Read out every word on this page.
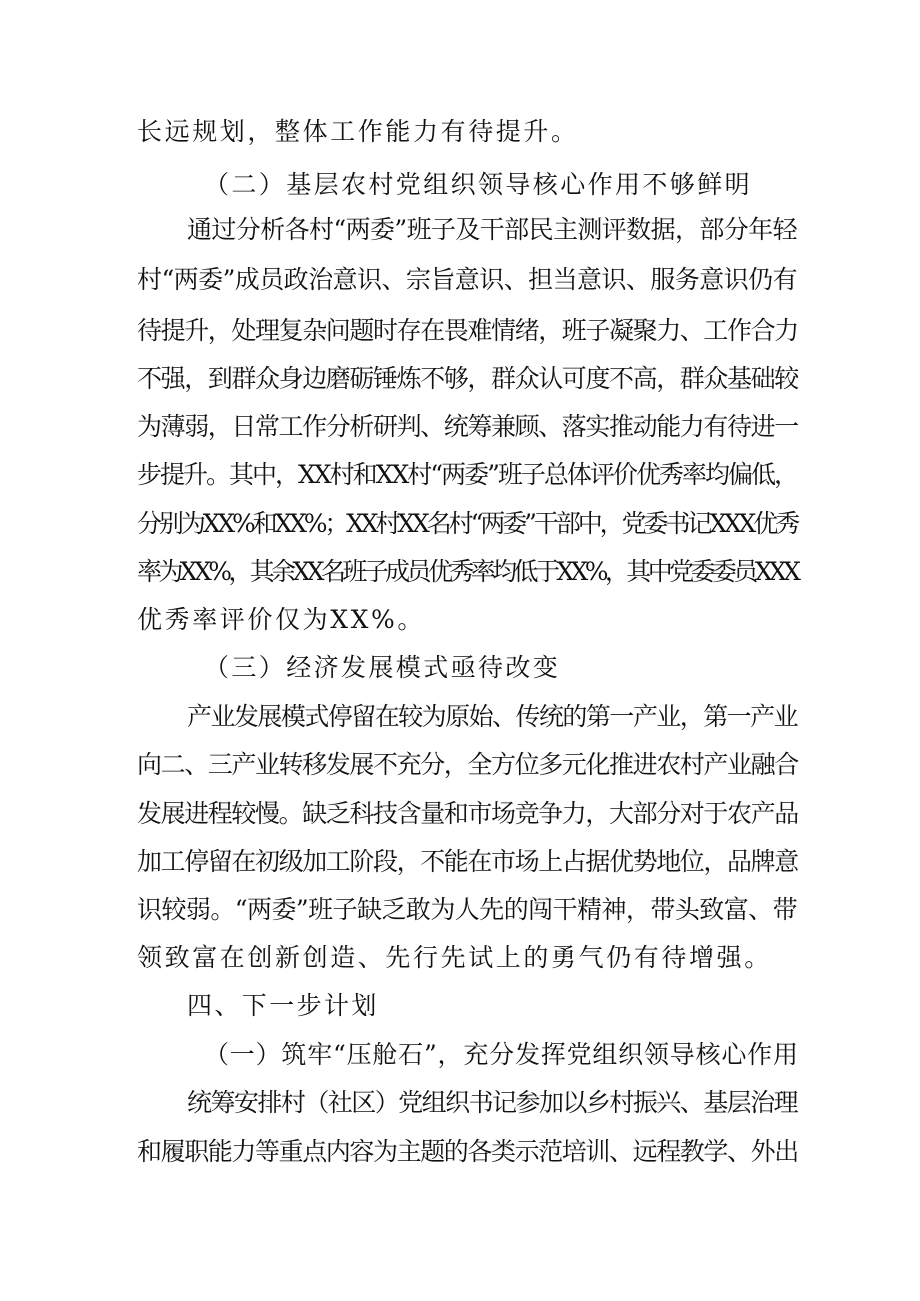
长远规划，整体工作能力有待提升。
（二）基层农村党组织领导核心作用不够鲜明
通过分析各村“两委”班子及干部民主测评数据，部分年轻
村“两委”成员政治意识、宗旨意识、担当意识、服务意识仍有
待提升，处理复杂问题时存在畏难情绪，班子凝聚力、工作合力
不强，到群众身边磨砺锤炼不够，群众认可度不高，群众基础较
为薄弱，日常工作分析研判、统筹兼顾、落实推动能力有待进一
步提升。其中，XX村和XX村“两委”班子总体评价优秀率均偏低，
分别为XX%和XX%；XX村XX名村“两委”干部中，党委书记XXX优秀
率为XX%，其余XX名班子成员优秀率均低于XX%，其中党委委员XXX
优秀率评价仅为XX%。
（三）经济发展模式亟待改变
产业发展模式停留在较为原始、传统的第一产业，第一产业
向二、三产业转移发展不充分，全方位多元化推进农村产业融合
发展进程较慢。缺乏科技含量和市场竞争力，大部分对于农产品
加工停留在初级加工阶段，不能在市场上占据优势地位，品牌意
识较弱。“两委”班子缺乏敢为人先的闯干精神，带头致富、带
领致富在创新创造、先行先试上的勇气仍有待增强。
四、下一步计划
（一）筑牢“压舱石”，充分发挥党组织领导核心作用
统筹安排村（社区）党组织书记参加以乡村振兴、基层治理
和履职能力等重点内容为主题的各类示范培训、远程教学、外出
